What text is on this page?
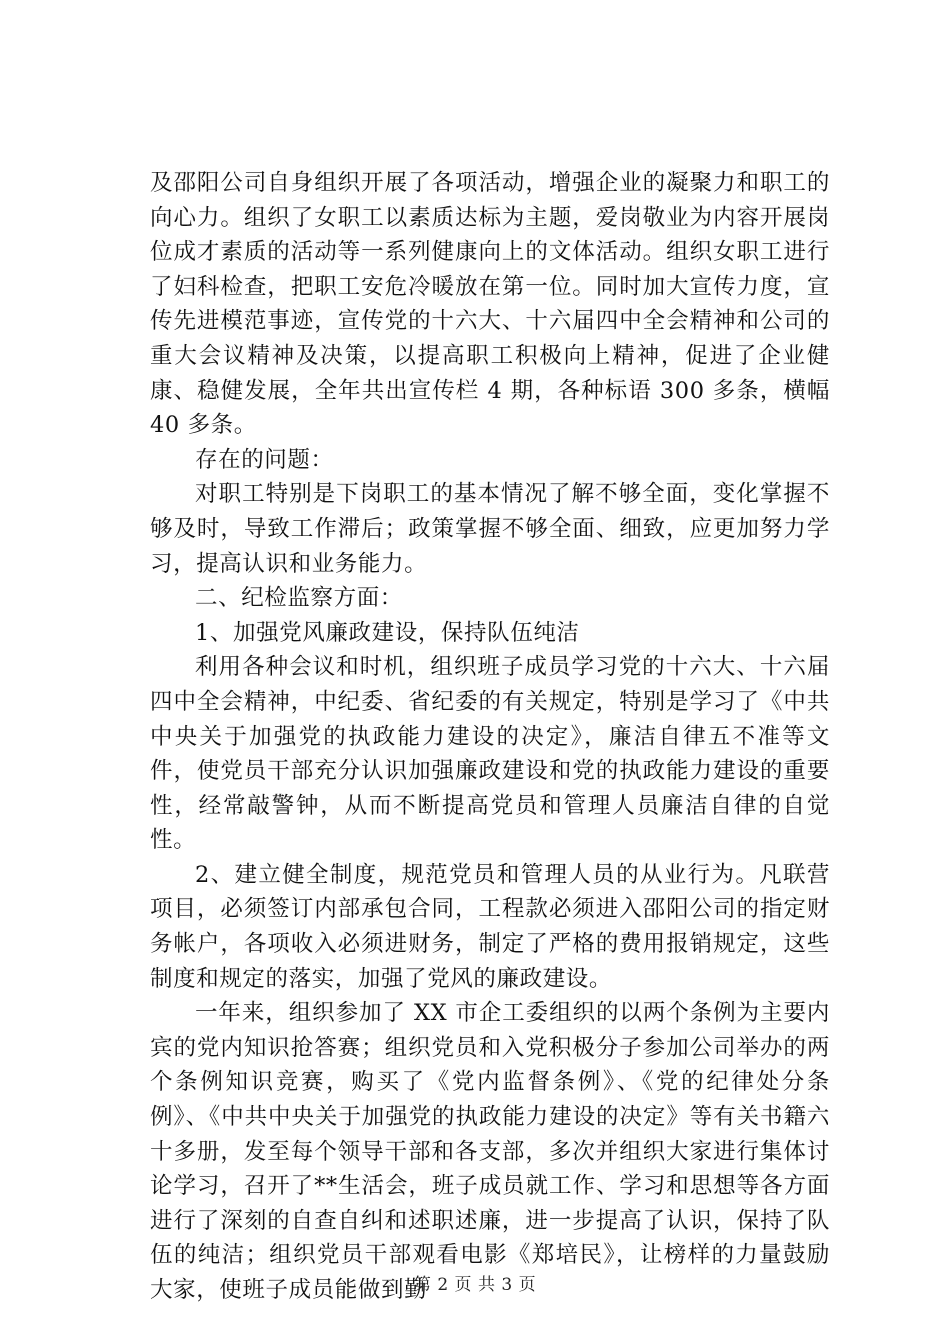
及邵阳公司自身组织开展了各项活动，增强企业的凝聚力和职工的向心力。组织了女职工以素质达标为主题，爱岗敬业为内容开展岗位成才素质的活动等一系列健康向上的文体活动。组织女职工进行了妇科检查，把职工安危冷暖放在第一位。同时加大宣传力度，宣传先进模范事迹，宣传党的十六大、十六届四中全会精神和公司的重大会议精神及决策，以提高职工积极向上精神，促进了企业健康、稳健发展，全年共出宣传栏 4 期，各种标语 300 多条，横幅 40 多条。

存在的问题：

对职工特别是下岗职工的基本情况了解不够全面，变化掌握不够及时，导致工作滞后；政策掌握不够全面、细致，应更加努力学习，提高认识和业务能力。

二、纪检监察方面：

1、加强党风廉政建设，保持队伍纯洁

利用各种会议和时机，组织班子成员学习党的十六大、十六届四中全会精神，中纪委、省纪委的有关规定，特别是学习了《中共中央关于加强党的执政能力建设的决定》，廉洁自律五不准等文件，使党员干部充分认识加强廉政建设和党的执政能力建设的重要性，经常敲警钟，从而不断提高党员和管理人员廉洁自律的自觉性。

2、建立健全制度，规范党员和管理人员的从业行为。凡联营项目，必须签订内部承包合同，工程款必须进入邵阳公司的指定财务帐户，各项收入必须进财务，制定了严格的费用报销规定，这些制度和规定的落实，加强了党风的廉政建设。

一年来，组织参加了 XX 市企工委组织的以两个条例为主要内宾的党内知识抢答赛；组织党员和入党积极分子参加公司举办的两个条例知识竞赛，购买了《党内监督条例》、《党的纪律处分条例》、《中共中央关于加强党的执政能力建设的决定》等有关书籍六十多册，发至每个领导干部和各支部，多次并组织大家进行集体讨论学习，召开了**生活会，班子成员就工作、学习和思想等各方面进行了深刻的自查自纠和述职述廉，进一步提高了认识，保持了队伍的纯洁；组织党员干部观看电影《郑培民》，让榜样的力量鼓励大家，使班子成员能做到勤

第 2 页 共 3 页
